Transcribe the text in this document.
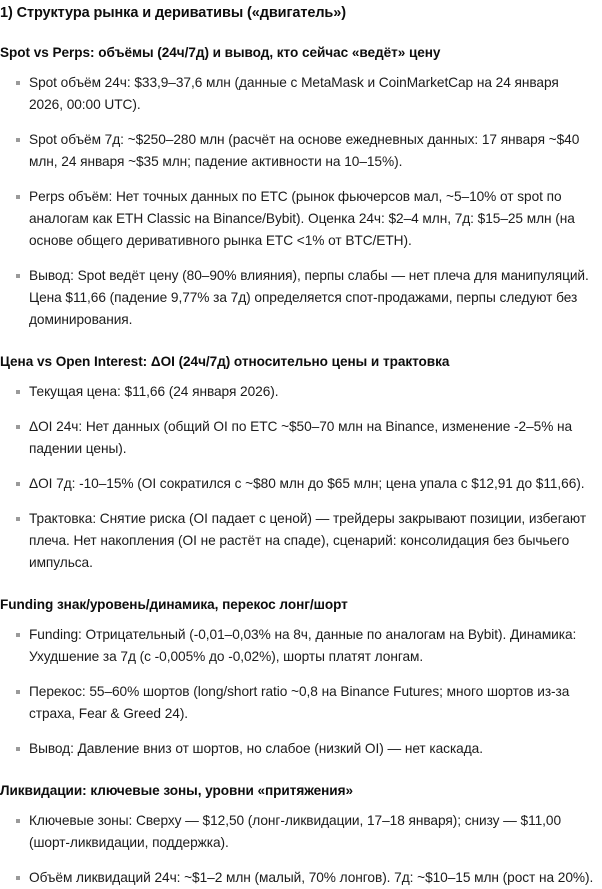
1) Структура рынка и деривативы («двигатель»)
Spot vs Perps: объёмы (24ч/7д) и вывод, кто сейчас «ведёт» цену
Spot объём 24ч: $33,9–37,6 млн (данные с MetaMask и CoinMarketCap на 24 января 2026, 00:00 UTC).
Spot объём 7д: ~$250–280 млн (расчёт на основе ежедневных данных: 17 января ~$40 млн, 24 января ~$35 млн; падение активности на 10–15%).
Perps объём: Нет точных данных по ETC (рынок фьючерсов мал, ~5–10% от spot по аналогам как ETH Classic на Binance/Bybit). Оценка 24ч: $2–4 млн, 7д: $15–25 млн (на основе общего деривативного рынка ETC <1% от BTC/ETH).
Вывод: Spot ведёт цену (80–90% влияния), перпы слабы — нет плеча для манипуляций. Цена $11,66 (падение 9,77% за 7д) определяется спот-продажами, перпы следуют без доминирования.
Цена vs Open Interest: ΔOI (24ч/7д) относительно цены и трактовка
Текущая цена: $11,66 (24 января 2026).
ΔOI 24ч: Нет данных (общий OI по ETC ~$50–70 млн на Binance, изменение -2–5% на падении цены).
ΔOI 7д: -10–15% (OI сократился с ~$80 млн до $65 млн; цена упала с $12,91 до $11,66).
Трактовка: Снятие риска (OI падает с ценой) — трейдеры закрывают позиции, избегают плеча. Нет накопления (OI не растёт на спаде), сценарий: консолидация без бычьего импульса.
Funding знак/уровень/динамика, перекос лонг/шорт
Funding: Отрицательный (-0,01–0,03% на 8ч, данные по аналогам на Bybit). Динамика: Ухудшение за 7д (с -0,005% до -0,02%), шорты платят лонгам.
Перекос: 55–60% шортов (long/short ratio ~0,8 на Binance Futures; много шортов из-за страха, Fear & Greed 24).
Вывод: Давление вниз от шортов, но слабое (низкий OI) — нет каскада.
Ликвидации: ключевые зоны, уровни «притяжения»
Ключевые зоны: Сверху — $12,50 (лонг-ликвидации, 17–18 января); снизу — $11,00 (шорт-ликвидации, поддержка).
Объём ликвидаций 24ч: ~$1–2 млн (малый, 70% лонгов). 7д: ~$10–15 млн (рост на 20%).
